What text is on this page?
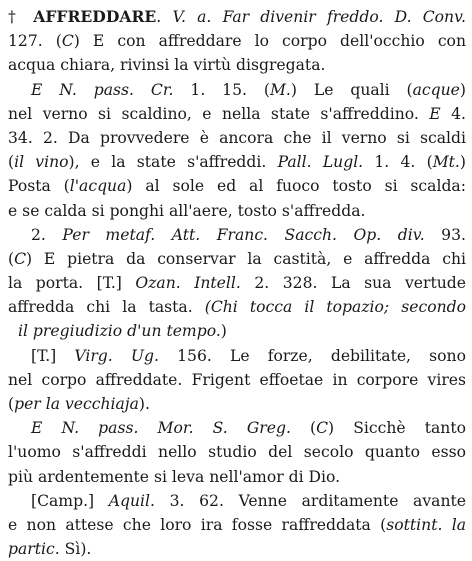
† AFFREDDARE. V. a. Far divenir freddo. D. Conv.
127. (C) E con affreddare lo corpo dell'occhio con
acqua chiara, rivinsi la virtù disgregata.
E N. pass. Cr. 1. 15. (M.) Le quali (acque)
nel verno si scaldino, e nella state s'affreddino. E 4.
34. 2. Da provvedere è ancora che il verno si scaldi
(il vino), e la state s'affreddi. Pall. Lugl. 1. 4. (Mt.)
Posta (l'acqua) al sole ed al fuoco tosto si scalda:
e se calda si ponghi all'aere, tosto s'affredda.
2. Per metaf. Att. Franc. Sacch. Op. div. 93.
(C) E pietra da conservar la castità, e affredda chi
la porta. [T.] Ozan. Intell. 2. 328. La sua vertude
affredda chi la tasta. (Chi tocca il topazio; secondo
il pregiudizio d'un tempo.)
[T.] Virg. Ug. 156. Le forze, debilitate, sono
nel corpo affreddate. Frigent effoetae in corpore vires
(per la vecchiaja).
E N. pass. Mor. S. Greg. (C) Sicchè tanto
l'uomo s'affreddi nello studio del secolo quanto esso
più ardentemente si leva nell'amor di Dio.
[Camp.] Aquil. 3. 62. Venne arditamente avante
e non attese che loro ira fosse raffreddata (sottint. la
partic. Sì).
